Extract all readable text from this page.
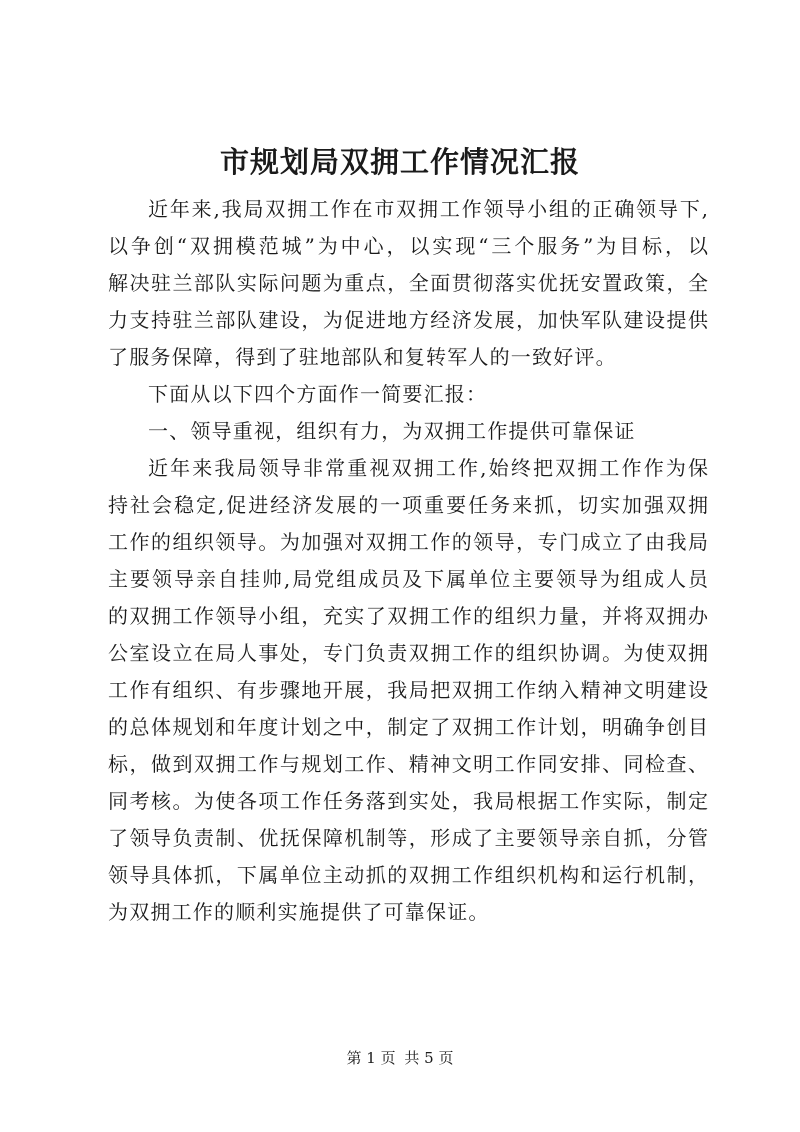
市规划局双拥工作情况汇报
近年来,我局双拥工作在市双拥工作领导小组的正确领导下,
以争创“双拥模范城”为中心，以实现“三个服务”为目标，以
解决驻兰部队实际问题为重点，全面贯彻落实优抚安置政策，全
力支持驻兰部队建设，为促进地方经济发展，加快军队建设提供
了服务保障，得到了驻地部队和复转军人的一致好评。
下面从以下四个方面作一简要汇报：
一、领导重视，组织有力，为双拥工作提供可靠保证
近年来我局领导非常重视双拥工作,始终把双拥工作作为保
持社会稳定,促进经济发展的一项重要任务来抓，切实加强双拥
工作的组织领导。为加强对双拥工作的领导，专门成立了由我局
主要领导亲自挂帅,局党组成员及下属单位主要领导为组成人员
的双拥工作领导小组，充实了双拥工作的组织力量，并将双拥办
公室设立在局人事处，专门负责双拥工作的组织协调。为使双拥
工作有组织、有步骤地开展，我局把双拥工作纳入精神文明建设
的总体规划和年度计划之中，制定了双拥工作计划，明确争创目
标，做到双拥工作与规划工作、精神文明工作同安排、同检查、
同考核。为使各项工作任务落到实处，我局根据工作实际，制定
了领导负责制、优抚保障机制等，形成了主要领导亲自抓，分管
领导具体抓，下属单位主动抓的双拥工作组织机构和运行机制，
为双拥工作的顺利实施提供了可靠保证。
第 1 页 共 5 页
